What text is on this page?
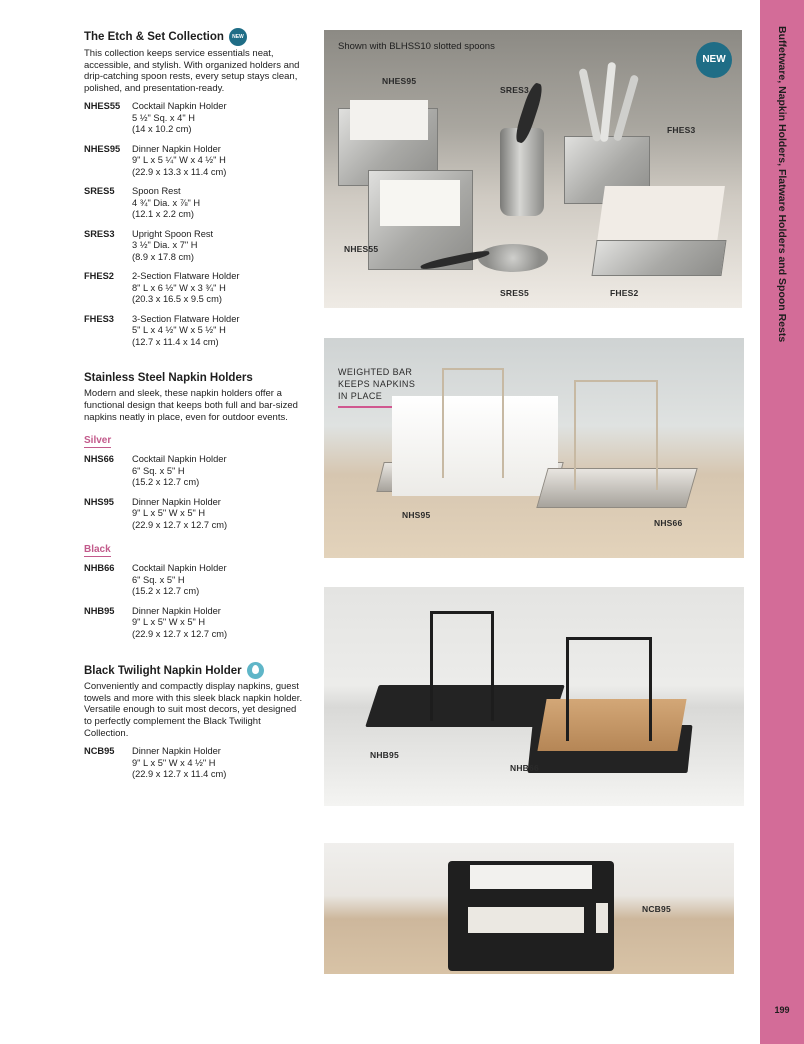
The Etch & Set Collection	NEW
This collection keeps service essentials neat, accessible, and stylish. With organized holders and drip-catching spoon rests, every setup stays clean, polished, and presentation-ready.
NHES55	Cocktail Napkin Holder
5 ½" Sq. x 4" H
(14 x 10.2 cm)
NHES95	Dinner Napkin Holder
9" L x 5 ¼" W x 4 ½" H
(22.9 x 13.3 x 11.4 cm)
SRES5	Spoon Rest
4 ¾" Dia. x ⅞" H
(12.1 x 2.2 cm)
SRES3	Upright Spoon Rest
3 ½" Dia. x 7" H
(8.9 x 17.8 cm)
FHES2	2-Section Flatware Holder
8" L x 6 ½" W x 3 ¾" H
(20.3 x 16.5 x 9.5 cm)
FHES3	3-Section Flatware Holder
5" L x 4 ½" W x 5 ½" H
(12.7 x 11.4 x 14 cm)
Stainless Steel Napkin Holders
Modern and sleek, these napkin holders offer a functional design that keeps both full and bar-sized napkins neatly in place, even for outdoor events.
Silver
NHS66	Cocktail Napkin Holder
6" Sq. x 5" H
(15.2 x 12.7 cm)
NHS95	Dinner Napkin Holder
9" L x 5" W x 5" H
(22.9 x 12.7 x 12.7 cm)
Black
NHB66	Cocktail Napkin Holder
6" Sq. x 5" H
(15.2 x 12.7 cm)
NHB95	Dinner Napkin Holder
9" L x 5" W x 5" H
(22.9 x 12.7 x 12.7 cm)
Black Twilight Napkin Holder
Conveniently and compactly display napkins, guest towels and more with this sleek black napkin holder. Versatile enough to suit most decors, yet designed to perfectly complement the Black Twilight Collection.
NCB95	Dinner Napkin Holder
9" L x 5" W x 4 ½" H
(22.9 x 12.7 x 11.4 cm)
Shown with BLHSS10 slotted spoons
NEW
NHES95
SRES3
FHES3
NHES55
SRES5	FHES2
WEIGHTED BAR
KEEPS NAPKINS
IN PLACE
NHS95
NHS66
NHB95
NHB66
NCB95
Buffetware, Napkin Holders, Flatware Holders and Spoon Rests
199
